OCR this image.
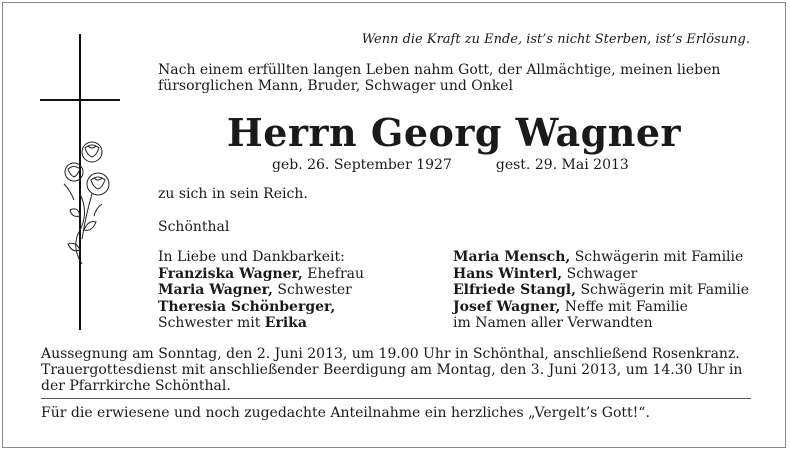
Wenn die Kraft zu Ende, ist’s nicht Sterben, ist’s Erlösung.
Nach einem erfüllten langen Leben nahm Gott, der Allmächtige, meinen lieben
fürsorglichen Mann, Bruder, Schwager und Onkel
Herrn Georg Wagner
geb. 26. September 1927	gest. 29. Mai 2013
zu sich in sein Reich.
Schönthal
In Liebe und Dankbarkeit:
Franziska Wagner, Ehefrau
Maria Wagner, Schwester
Theresia Schönberger,
Schwester mit Erika
Maria Mensch, Schwägerin mit Familie
Hans Winterl, Schwager
Elfriede Stangl, Schwägerin mit Familie
Josef Wagner, Neffe mit Familie
im Namen aller Verwandten
Aussegnung am Sonntag, den 2. Juni 2013, um 19.00 Uhr in Schönthal, anschließend Rosenkranz. Trauergottesdienst mit anschließender Beerdigung am Montag, den 3. Juni 2013, um 14.30 Uhr in der Pfarrkirche Schönthal.
Für die erwiesene und noch zugedachte Anteilnahme ein herzliches „Vergelt’s Gott!“.
